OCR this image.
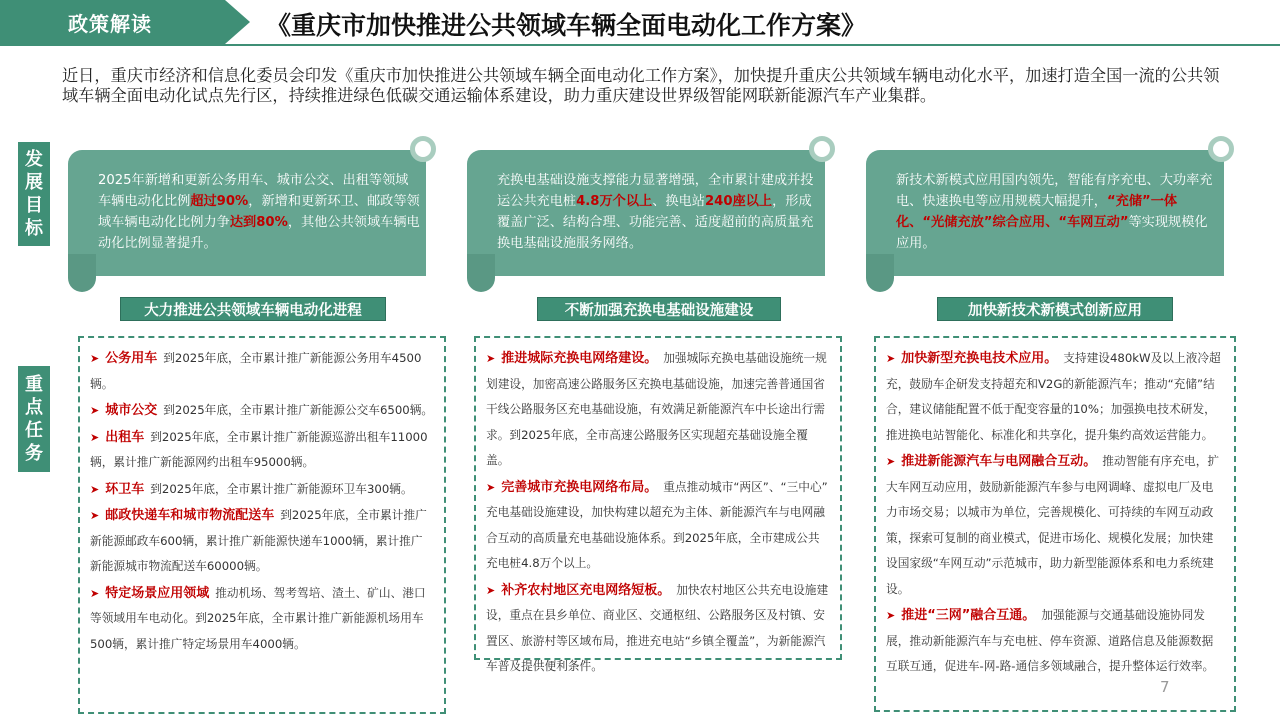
政策解读	《重庆市加快推进公共领域车辆全面电动化工作方案》
近日，重庆市经济和信息化委员会印发《重庆市加快推进公共领域车辆全面电动化工作方案》，加快提升重庆公共领域车辆电动化水平，加速打造全国一流的公共领域车辆全面电动化试点先行区，持续推进绿色低碳交通运输体系建设，助力重庆建设世界级智能网联新能源汽车产业集群。
发
展
目
标
重
点
任
务
2025年新增和更新公务用车、城市公交、出租等领域车辆电动化比例超过90%，新增和更新环卫、邮政等领域车辆电动化比例力争达到80%，其他公共领域车辆电动化比例显著提升。
充换电基础设施支撑能力显著增强，全市累计建成并投运公共充电桩4.8万个以上、换电站240座以上，形成覆盖广泛、结构合理、功能完善、适度超前的高质量充换电基础设施服务网络。
新技术新模式应用国内领先，智能有序充电、大功率充电、快速换电等应用规模大幅提升，“充储”一体化、“光储充放”综合应用、“车网互动”等实现规模化应用。
大力推进公共领域车辆电动化进程	不断加强充换电基础设施建设	加快新技术新模式创新应用
➤ 公务用车 到2025年底，全市累计推广新能源公务用车4500辆。
➤ 城市公交 到2025年底，全市累计推广新能源公交车6500辆。
➤ 出租车 到2025年底，全市累计推广新能源巡游出租车11000辆，累计推广新能源网约出租车95000辆。
➤ 环卫车 到2025年底，全市累计推广新能源环卫车300辆。
➤ 邮政快递车和城市物流配送车 到2025年底，全市累计推广新能源邮政车600辆，累计推广新能源快递车1000辆，累计推广新能源城市物流配送车60000辆。
➤ 特定场景应用领域 推动机场、驾考驾培、渣土、矿山、港口等领域用车电动化。到2025年底，全市累计推广新能源机场用车500辆，累计推广特定场景用车4000辆。
➤ 推进城际充换电网络建设。 加强城际充换电基础设施统一规划建设，加密高速公路服务区充换电基础设施，加速完善普通国省干线公路服务区充电基础设施，有效满足新能源汽车中长途出行需求。到2025年底，全市高速公路服务区实现超充基础设施全覆盖。
➤ 完善城市充换电网络布局。 重点推动城市“两区”、“三中心” 充电基础设施建设，加快构建以超充为主体、新能源汽车与电网融合互动的高质量充电基础设施体系。到2025年底，全市建成公共充电桩4.8万个以上。
➤ 补齐农村地区充电网络短板。 加快农村地区公共充电设施建设，重点在县乡单位、商业区、交通枢纽、公路服务区及村镇、安置区、旅游村等区域布局，推进充电站“乡镇全覆盖”，为新能源汽车普及提供便利条件。
➤ 加快新型充换电技术应用。 支持建设480kW及以上液冷超充，鼓励车企研发支持超充和V2G的新能源汽车；推动“充储”结合，建议储能配置不低于配变容量的10%；加强换电技术研发，推进换电站智能化、标准化和共享化，提升集约高效运营能力。
➤ 推进新能源汽车与电网融合互动。 推动智能有序充电，扩大车网互动应用，鼓励新能源汽车参与电网调峰、虚拟电厂及电力市场交易；以城市为单位，完善规模化、可持续的车网互动政策，探索可复制的商业模式，促进市场化、规模化发展；加快建设国家级“车网互动”示范城市，助力新型能源体系和电力系统建设。
➤ 推进“三网”融合互通。 加强能源与交通基础设施协同发展，推动新能源汽车与充电桩、停车资源、道路信息及能源数据互联互通，促进车-网-路-通信多领域融合，提升整体运行效率。
7
